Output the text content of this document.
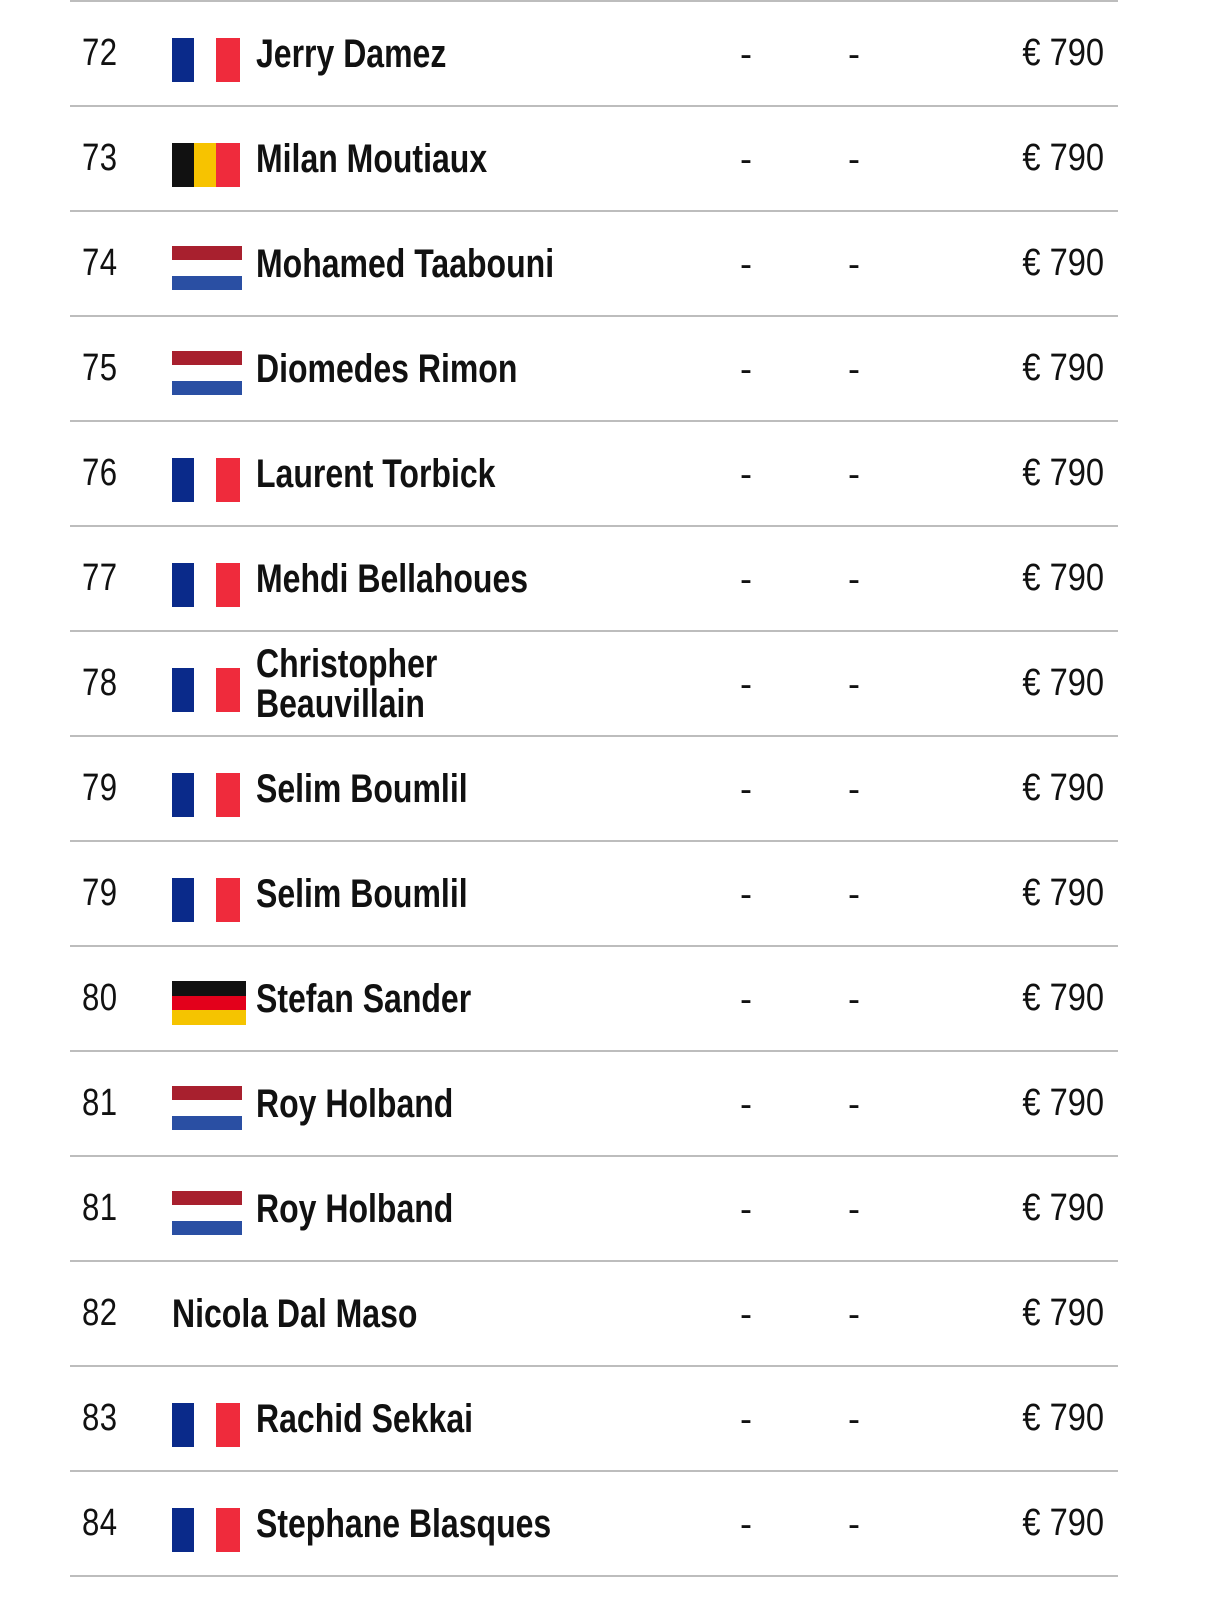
72	Jerry Damez	-	-	€ 790
73	Milan Moutiaux	-	-	€ 790
74	Mohamed Taabouni	-	-	€ 790
75	Diomedes Rimon	-	-	€ 790
76	Laurent Torbick	-	-	€ 790
77	Mehdi Bellahoues	-	-	€ 790
78	Christopher
Beauvillain	-	-	€ 790
79	Selim Boumlil	-	-	€ 790
79	Selim Boumlil	-	-	€ 790
80	Stefan Sander	-	-	€ 790
81	Roy Holband	-	-	€ 790
81	Roy Holband	-	-	€ 790
82 Nicola Dal Maso	-	-	€ 790
83	Rachid Sekkai	-	-	€ 790
84	Stephane Blasques	-	-	€ 790
